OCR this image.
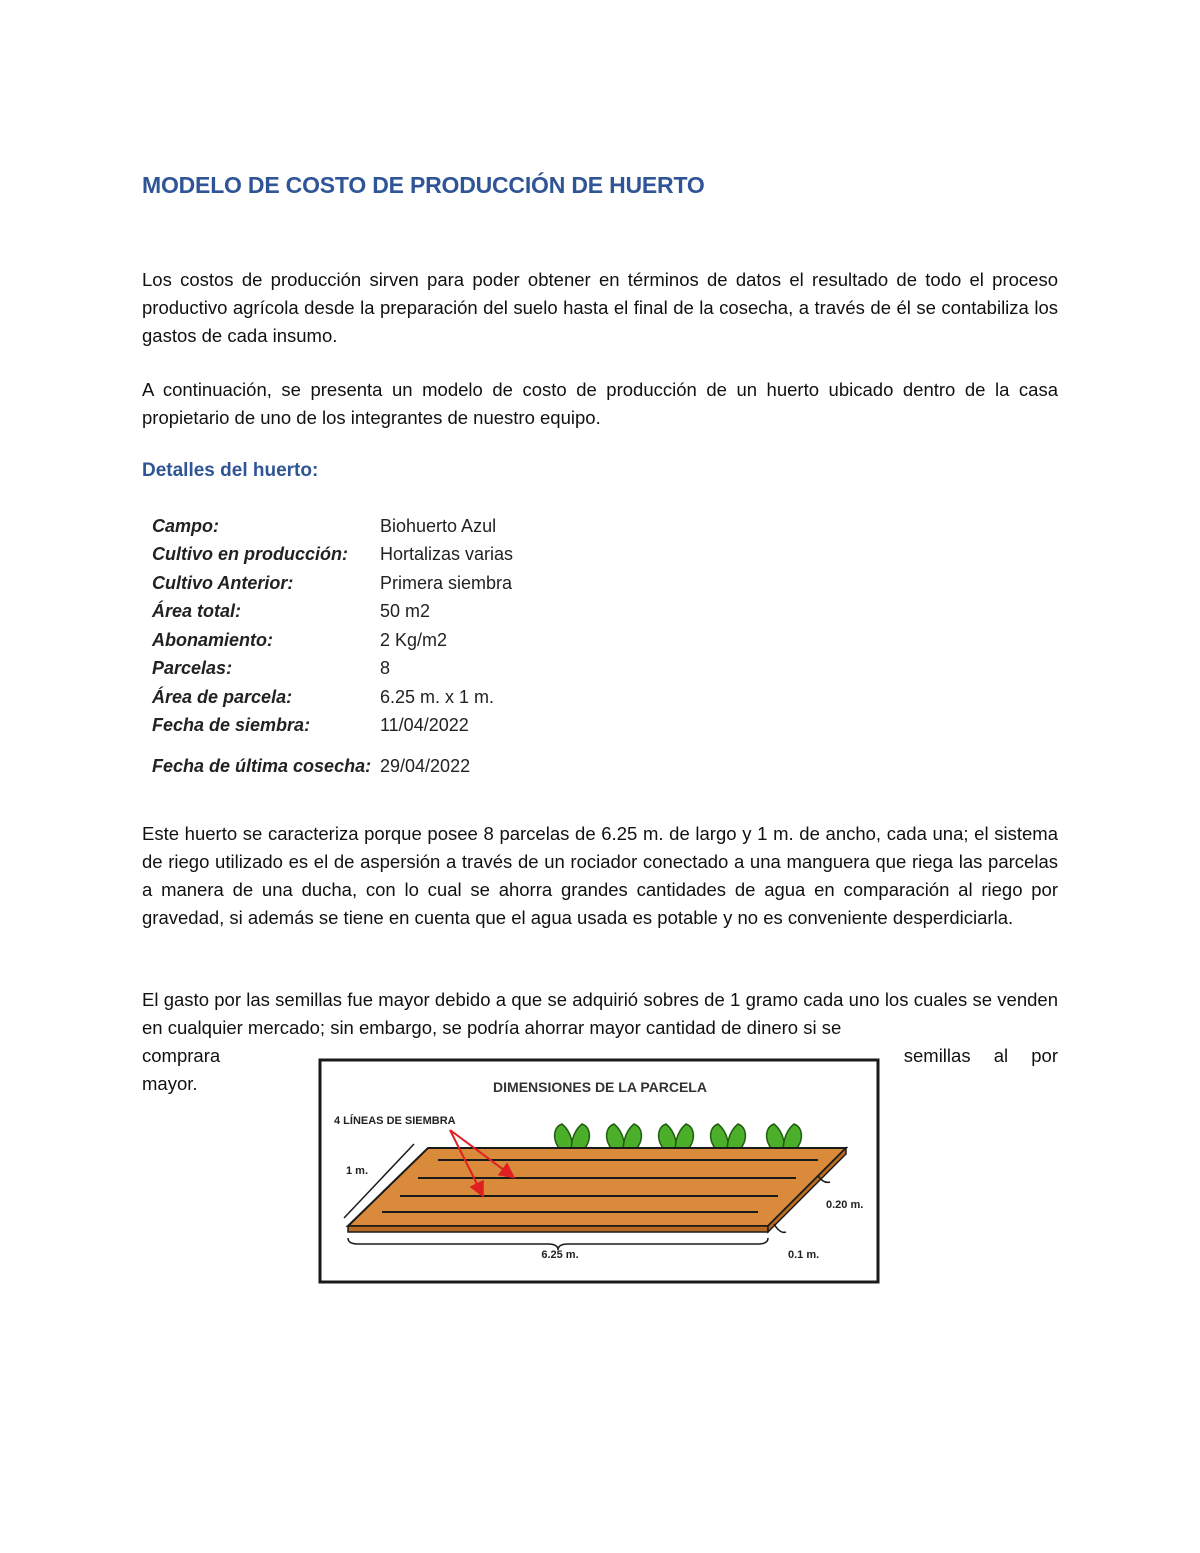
MODELO DE COSTO DE PRODUCCIÓN DE HUERTO

Los costos de producción sirven para poder obtener en términos de datos el resultado de todo el proceso productivo agrícola desde la preparación del suelo hasta el final de la cosecha, a través de él se contabiliza los gastos de cada insumo.

A continuación, se presenta un modelo de costo de producción de un huerto ubicado dentro de la casa propietario de uno de los integrantes de nuestro equipo.

Detalles del huerto:
Campo:	Biohuerto Azul
Cultivo en producción:	Hortalizas varias
Cultivo Anterior:	Primera siembra
Área total:	50 m2
Abonamiento:	2 Kg/m2
Parcelas:	8
Área de parcela:	6.25 m. x 1 m.
Fecha de siembra:	11/04/2022
Fecha de última cosecha:	29/04/2022

Este huerto se caracteriza porque posee 8 parcelas de 6.25 m. de largo y 1 m. de ancho, cada una; el sistema de riego utilizado es el de aspersión a través de un rociador conectado a una manguera que riega las parcelas a manera de una ducha, con lo cual se ahorra grandes cantidades de agua en comparación al riego por gravedad, si además se tiene en cuenta que el agua usada es potable y no es conveniente desperdiciarla.

El gasto por las semillas fue mayor debido a que se adquirió sobres de 1 gramo cada uno los cuales se venden en cualquier mercado; sin embargo, se podría ahorrar mayor cantidad de dinero si se

comprara	semillas al por
mayor.	DIMENSIONES DE LA PARCELA
4 LÍNEAS DE SIEMBRA
1 m.
6.25 m.
0.20 m.
0.1 m.
